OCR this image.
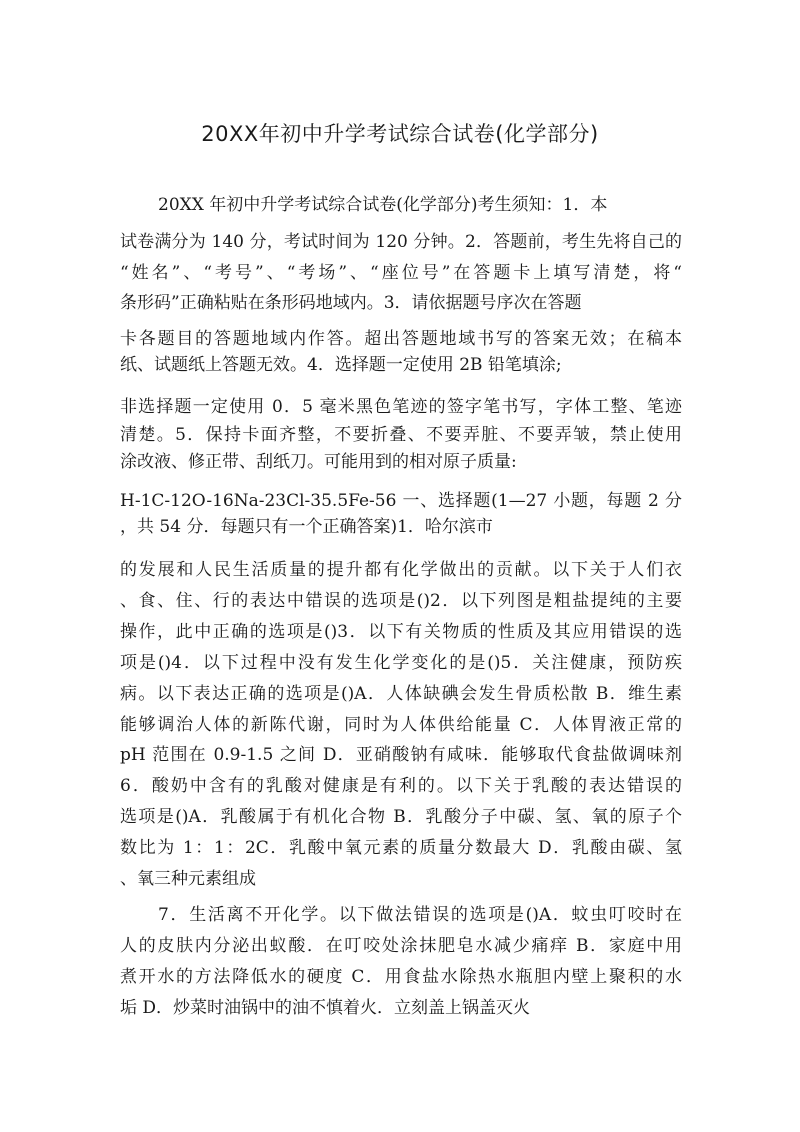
20XX年初中升学考试综合试卷(化学部分)
20XX 年初中升学考试综合试卷(化学部分)考生须知：1．本
试卷满分为 140 分，考试时间为 120 分钟。2．答题前，考生先将自己的
“姓名”、“考号”、“考场”、“座位号”在答题卡上填写清楚，将“
条形码”正确粘贴在条形码地域内。3．请依据题号序次在答题
卡各题目的答题地域内作答。超出答题地域书写的答案无效；在稿本
纸、试题纸上答题无效。4．选择题一定使用 2B 铅笔填涂;
非选择题一定使用 0．5 毫米黑色笔迹的签字笔书写，字体工整、笔迹
清楚。5．保持卡面齐整，不要折叠、不要弄脏、不要弄皱，禁止使用
涂改液、修正带、刮纸刀。可能用到的相对原子质量:
H-1C-12O-16Na-23Cl-35.5Fe-56 一、选择题(1—27 小题，每题 2 分
，共 54 分．每题只有一个正确答案)1．哈尔滨市
的发展和人民生活质量的提升都有化学做出的贡献。以下关于人们衣
、食、住、行的表达中错误的选项是()2．以下列图是粗盐提纯的主要
操作，此中正确的选项是()3．以下有关物质的性质及其应用错误的选
项是()4．以下过程中没有发生化学变化的是()5．关注健康，预防疾
病。以下表达正确的选项是()A．人体缺碘会发生骨质松散 B．维生素
能够调治人体的新陈代谢，同时为人体供给能量 C．人体胃液正常的
pH 范围在 0.9-1.5 之间 D．亚硝酸钠有咸味．能够取代食盐做调味剂
6．酸奶中含有的乳酸对健康是有利的。以下关于乳酸的表达错误的
选项是()A．乳酸属于有机化合物 B．乳酸分子中碳、氢、氧的原子个
数比为 1：1：2C．乳酸中氧元素的质量分数最大 D．乳酸由碳、氢
、氧三种元素组成
7．生活离不开化学。以下做法错误的选项是()A．蚊虫叮咬时在
人的皮肤内分泌出蚁酸．在叮咬处涂抹肥皂水减少痛痒 B．家庭中用
煮开水的方法降低水的硬度 C．用食盐水除热水瓶胆内壁上聚积的水
垢 D．炒菜时油锅中的油不慎着火．立刻盖上锅盖灭火
